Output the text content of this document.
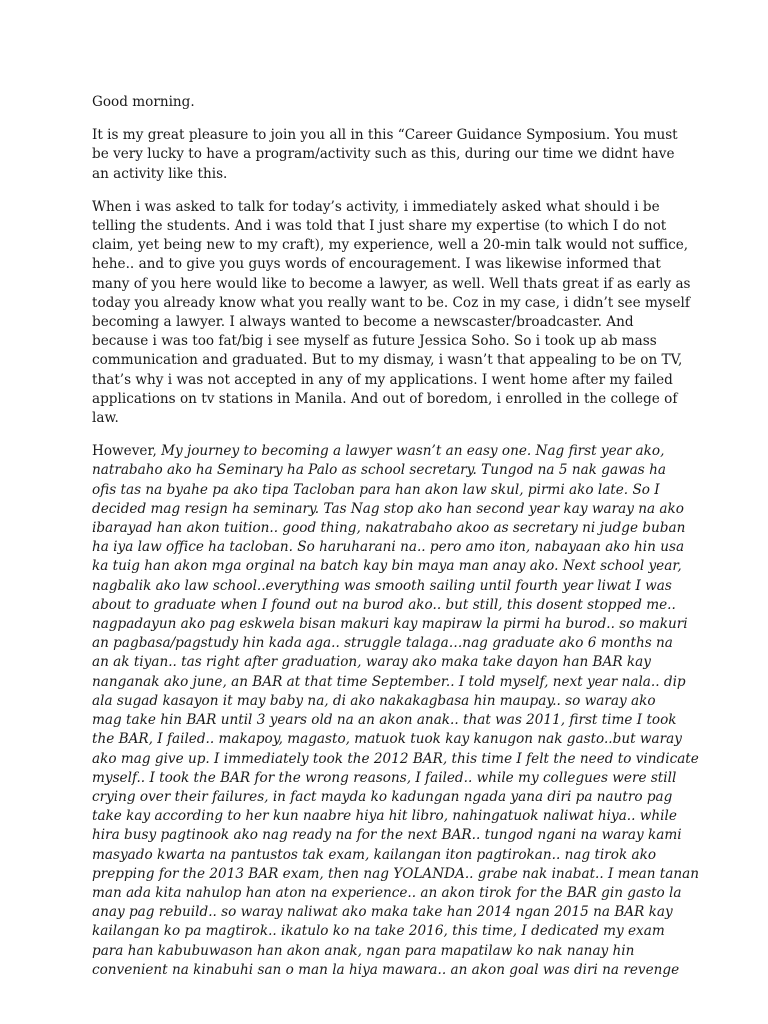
Good morning.

It is my great pleasure to join you all in this “Career Guidance Symposium. You must
be very lucky to have a program/activity such as this, during our time we didnt have
an activity like this.

When i was asked to talk for today’s activity, i immediately asked what should i be
telling the students. And i was told that I just share my expertise (to which I do not
claim, yet being new to my craft), my experience, well a 20-min talk would not suffice,
hehe.. and to give you guys words of encouragement. I was likewise informed that
many of you here would like to become a lawyer, as well. Well thats great if as early as
today you already know what you really want to be. Coz in my case, i didn’t see myself
becoming a lawyer. I always wanted to become a newscaster/broadcaster. And
because i was too fat/big i see myself as future Jessica Soho. So i took up ab mass
communication and graduated. But to my dismay, i wasn’t that appealing to be on TV,
that’s why i was not accepted in any of my applications. I went home after my failed
applications on tv stations in Manila. And out of boredom, i enrolled in the college of
law.

However, My journey to becoming a lawyer wasn’t an easy one. Nag first year ako,
natrabaho ako ha Seminary ha Palo as school secretary. Tungod na 5 nak gawas ha
ofis tas na byahe pa ako tipa Tacloban para han akon law skul, pirmi ako late. So I
decided mag resign ha seminary. Tas Nag stop ako han second year kay waray na ako
ibarayad han akon tuition.. good thing, nakatrabaho akoo as secretary ni judge buban
ha iya law office ha tacloban. So haruharani na.. pero amo iton, nabayaan ako hin usa
ka tuig han akon mga orginal na batch kay bin maya man anay ako. Next school year,
nagbalik ako law school..everything was smooth sailing until fourth year liwat I was
about to graduate when I found out na burod ako.. but still, this dosent stopped me..
nagpadayun ako pag eskwela bisan makuri kay mapiraw la pirmi ha burod.. so makuri
an pagbasa/pagstudy hin kada aga.. struggle talaga…nag graduate ako 6 months na
an ak tiyan.. tas right after graduation, waray ako maka take dayon han BAR kay
nanganak ako june, an BAR at that time September.. I told myself, next year nala.. dip
ala sugad kasayon it may baby na, di ako nakakagbasa hin maupay.. so waray ako
mag take hin BAR until 3 years old na an akon anak.. that was 2011, first time I took
the BAR, I failed.. makapoy, magasto, matuok tuok kay kanugon nak gasto..but waray
ako mag give up. I immediately took the 2012 BAR, this time I felt the need to vindicate
myself.. I took the BAR for the wrong reasons, I failed.. while my collegues were still
crying over their failures, in fact mayda ko kadungan ngada yana diri pa nautro pag
take kay according to her kun naabre hiya hit libro, nahingatuok naliwat hiya.. while
hira busy pagtinook ako nag ready na for the next BAR.. tungod ngani na waray kami
masyado kwarta na pantustos tak exam, kailangan iton pagtirokan.. nag tirok ako
prepping for the 2013 BAR exam, then nag YOLANDA.. grabe nak inabat.. I mean tanan
man ada kita nahulop han aton na experience.. an akon tirok for the BAR gin gasto la
anay pag rebuild.. so waray naliwat ako maka take han 2014 ngan 2015 na BAR kay
kailangan ko pa magtirok.. ikatulo ko na take 2016, this time, I dedicated my exam
para han kabubuwason han akon anak, ngan para mapatilaw ko nak nanay hin
convenient na kinabuhi san o man la hiya mawara.. an akon goal was diri na revenge
